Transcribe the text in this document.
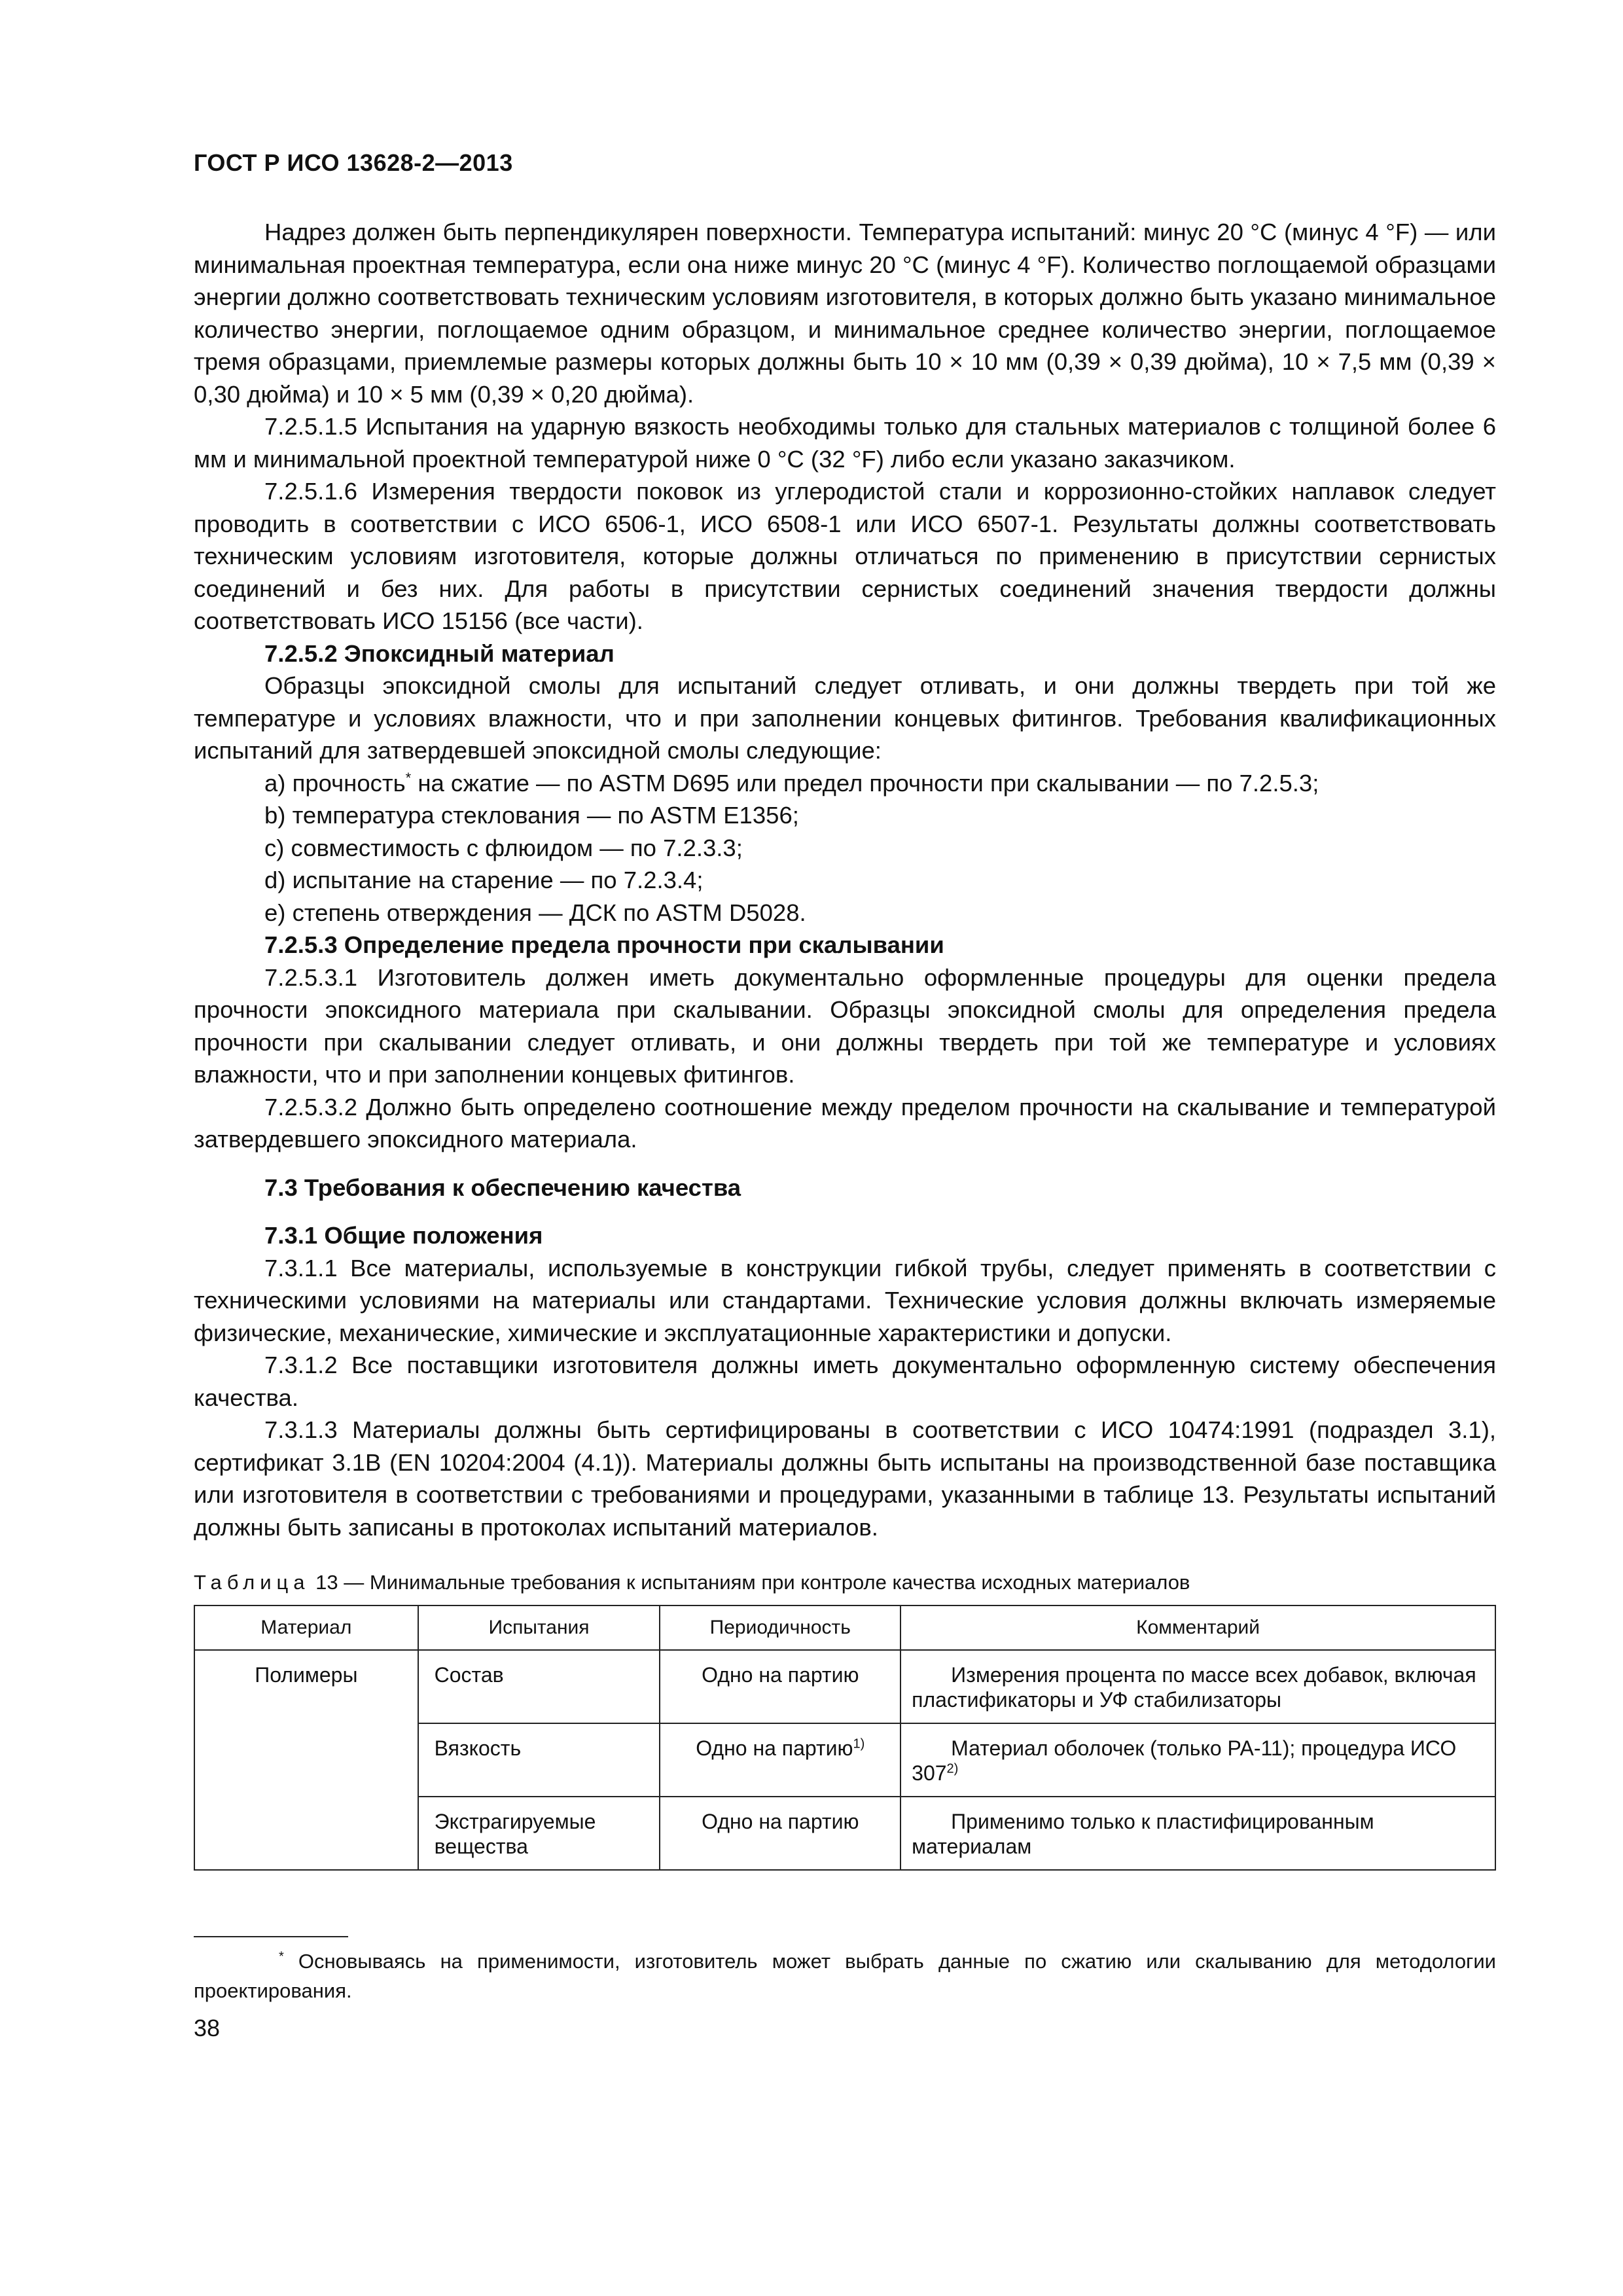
ГОСТ Р ИСО 13628-2—2013

Надрез должен быть перпендикулярен поверхности. Температура испытаний: минус 20 °C (минус 4 °F) — или минимальная проектная температура, если она ниже минус 20 °C (минус 4 °F). Количество поглощаемой образцами энергии должно соответствовать техническим условиям изготовителя, в которых должно быть указано минимальное количество энергии, поглощаемое одним образцом, и минимальное среднее количество энергии, поглощаемое тремя образцами, приемлемые размеры которых должны быть 10 × 10 мм (0,39 × 0,39 дюйма), 10 × 7,5 мм (0,39 × 0,30 дюйма) и 10 × 5 мм (0,39 × 0,20 дюйма).

7.2.5.1.5 Испытания на ударную вязкость необходимы только для стальных материалов с толщиной более 6 мм и минимальной проектной температурой ниже 0 °C (32 °F) либо если указано заказчиком.

7.2.5.1.6 Измерения твердости поковок из углеродистой стали и коррозионно-стойких наплавок следует проводить в соответствии с ИСО 6506-1, ИСО 6508-1 или ИСО 6507-1. Результаты должны соответствовать техническим условиям изготовителя, которые должны отличаться по применению в присутствии сернистых соединений и без них. Для работы в присутствии сернистых соединений значения твердости должны соответствовать ИСО 15156 (все части).

7.2.5.2 Эпоксидный материал

Образцы эпоксидной смолы для испытаний следует отливать, и они должны твердеть при той же температуре и условиях влажности, что и при заполнении концевых фитингов. Требования квалификационных испытаний для затвердевшей эпоксидной смолы следующие:

a) прочность* на сжатие — по ASTM D695 или предел прочности при скалывании — по 7.2.5.3;

b) температура стеклования — по ASTM E1356;

c) совместимость с флюидом — по 7.2.3.3;

d) испытание на старение — по 7.2.3.4;

e) степень отверждения — ДСК по ASTM D5028.

7.2.5.3 Определение предела прочности при скалывании

7.2.5.3.1 Изготовитель должен иметь документально оформленные процедуры для оценки предела прочности эпоксидного материала при скалывании. Образцы эпоксидной смолы для определения предела прочности при скалывании следует отливать, и они должны твердеть при той же температуре и условиях влажности, что и при заполнении концевых фитингов.

7.2.5.3.2 Должно быть определено соотношение между пределом прочности на скалывание и температурой затвердевшего эпоксидного материала.

7.3 Требования к обеспечению качества

7.3.1 Общие положения

7.3.1.1 Все материалы, используемые в конструкции гибкой трубы, следует применять в соответствии с техническими условиями на материалы или стандартами. Технические условия должны включать измеряемые физические, механические, химические и эксплуатационные характеристики и допуски.

7.3.1.2 Все поставщики изготовителя должны иметь документально оформленную систему обеспечения качества.

7.3.1.3 Материалы должны быть сертифицированы в соответствии с ИСО 10474:1991 (подраздел 3.1), сертификат 3.1В (EN 10204:2004 (4.1)). Материалы должны быть испытаны на производственной базе поставщика или изготовителя в соответствии с требованиями и процедурами, указанными в таблице 13. Результаты испытаний должны быть записаны в протоколах испытаний материалов.

Таблица 13 — Минимальные требования к испытаниям при контроле качества исходных материалов
Материал	Испытания	Периодичность	Комментарий
Полимеры	Состав	Одно на партию	Измерения процента по массе всех добавок, включая пластификаторы и УФ стабилизаторы
	Вязкость	Одно на партию$^{1)}$	Материал оболочек (только PA-11); процедура ИСО 307$^{2)}$
	Экстрагируемые вещества	Одно на партию	Применимо только к пластифицированным материалам
* Основываясь на применимости, изготовитель может выбрать данные по сжатию или скалыванию для методологии проектирования.
38
